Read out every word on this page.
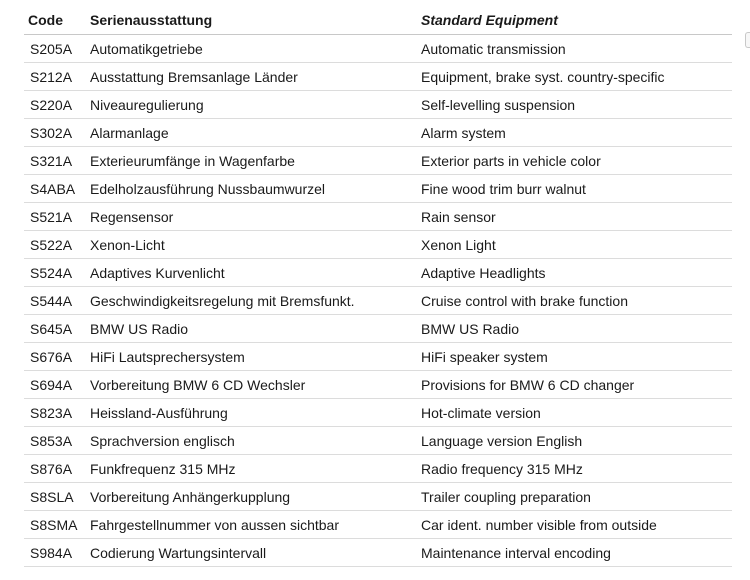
Code	Serienausstattung	Standard Equipment
S205A	Automatikgetriebe	Automatic transmission
S212A	Ausstattung Bremsanlage Länder	Equipment, brake syst. country-specific
S220A	Niveauregulierung	Self-levelling suspension
S302A	Alarmanlage	Alarm system
S321A	Exterieurumfänge in Wagenfarbe	Exterior parts in vehicle color
S4ABA	Edelholzausführung Nussbaumwurzel	Fine wood trim burr walnut
S521A	Regensensor	Rain sensor
S522A	Xenon-Licht	Xenon Light
S524A	Adaptives Kurvenlicht	Adaptive Headlights
S544A	Geschwindigkeitsregelung mit Bremsfunkt.	Cruise control with brake function
S645A	BMW US Radio	BMW US Radio
S676A	HiFi Lautsprechersystem	HiFi speaker system
S694A	Vorbereitung BMW 6 CD Wechsler	Provisions for BMW 6 CD changer
S823A	Heissland-Ausführung	Hot-climate version
S853A	Sprachversion englisch	Language version English
S876A	Funkfrequenz 315 MHz	Radio frequency 315 MHz
S8SLA	Vorbereitung Anhängerkupplung	Trailer coupling preparation
S8SMA Fahrgestellnummer von aussen sichtbar	Car ident. number visible from outside
S984A	Codierung Wartungsintervall	Maintenance interval encoding
